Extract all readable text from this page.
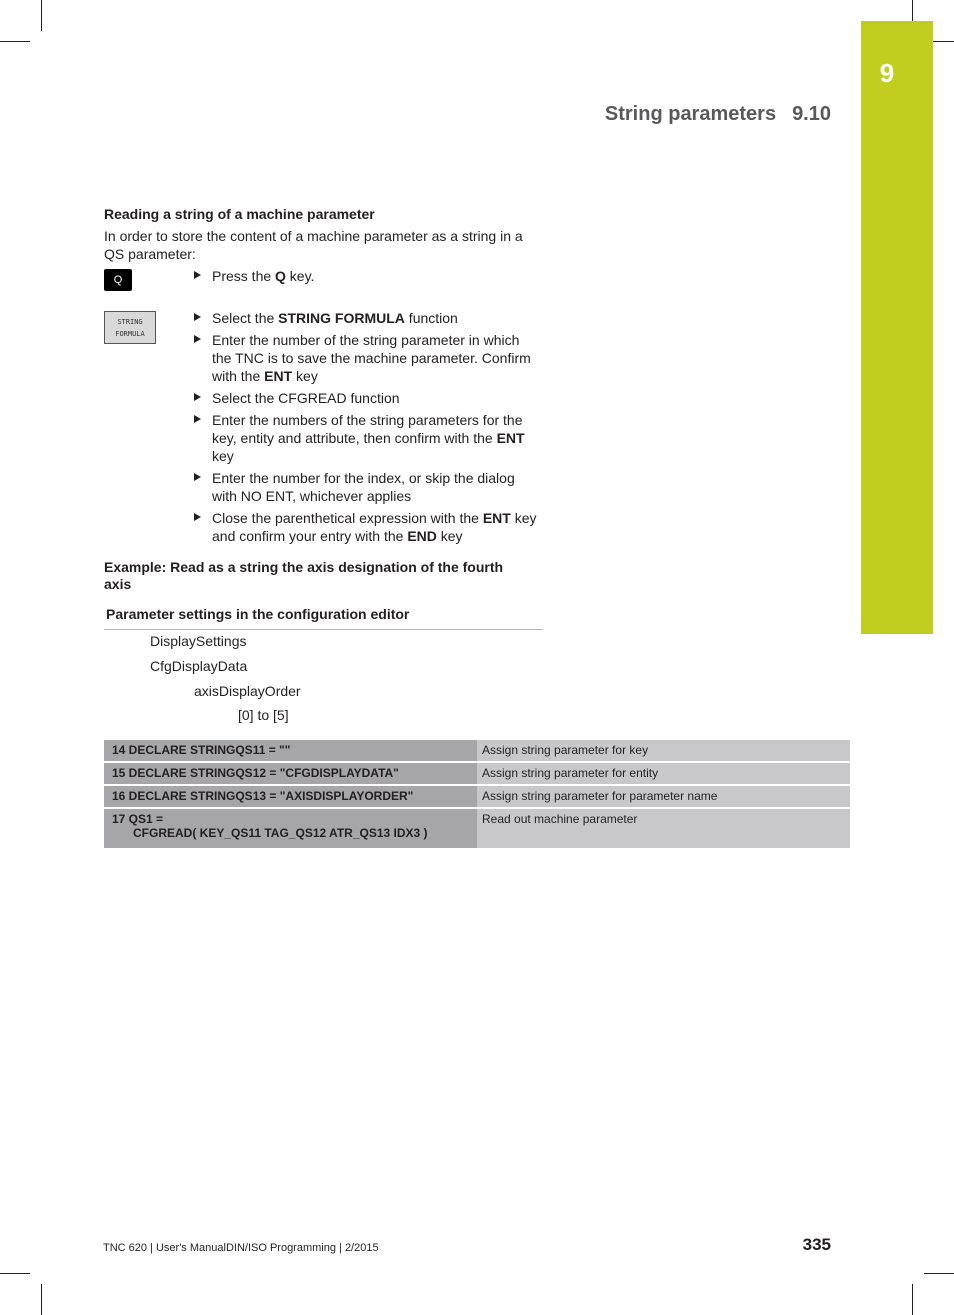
9
String parameters 9.10
Reading a string of a machine parameter

In order to store the content of a machine parameter as a string in a QS parameter:

Q	Press the Q key.
STRING
FORMULA
Select the STRING FORMULA function
Enter the number of the string parameter in which the TNC is to save the machine parameter. Confirm with the ENT key
Select the CFGREAD function
Enter the numbers of the string parameters for the key, entity and attribute, then confirm with the ENT key
Enter the number for the index, or skip the dialog with NO ENT, whichever applies
Close the parenthetical expression with the ENT key and confirm your entry with the END key
Example: Read as a string the axis designation of the fourth axis
Parameter settings in the configuration editor
DisplaySettings
CfgDisplayData
axisDisplayOrder
[0] to [5]
14 DECLARE STRINGQS11 = ""	Assign string parameter for key
15 DECLARE STRINGQS12 = "CFGDISPLAYDATA"	Assign string parameter for entity
16 DECLARE STRINGQS13 = "AXISDISPLAYORDER"	Assign string parameter for parameter name

17 QS1 =
CFGREAD( KEY_QS11 TAG_QS12 ATR_QS13 IDX3 )	Read out machine parameter
TNC 620 | User's ManualDIN/ISO Programming | 2/2015	335
